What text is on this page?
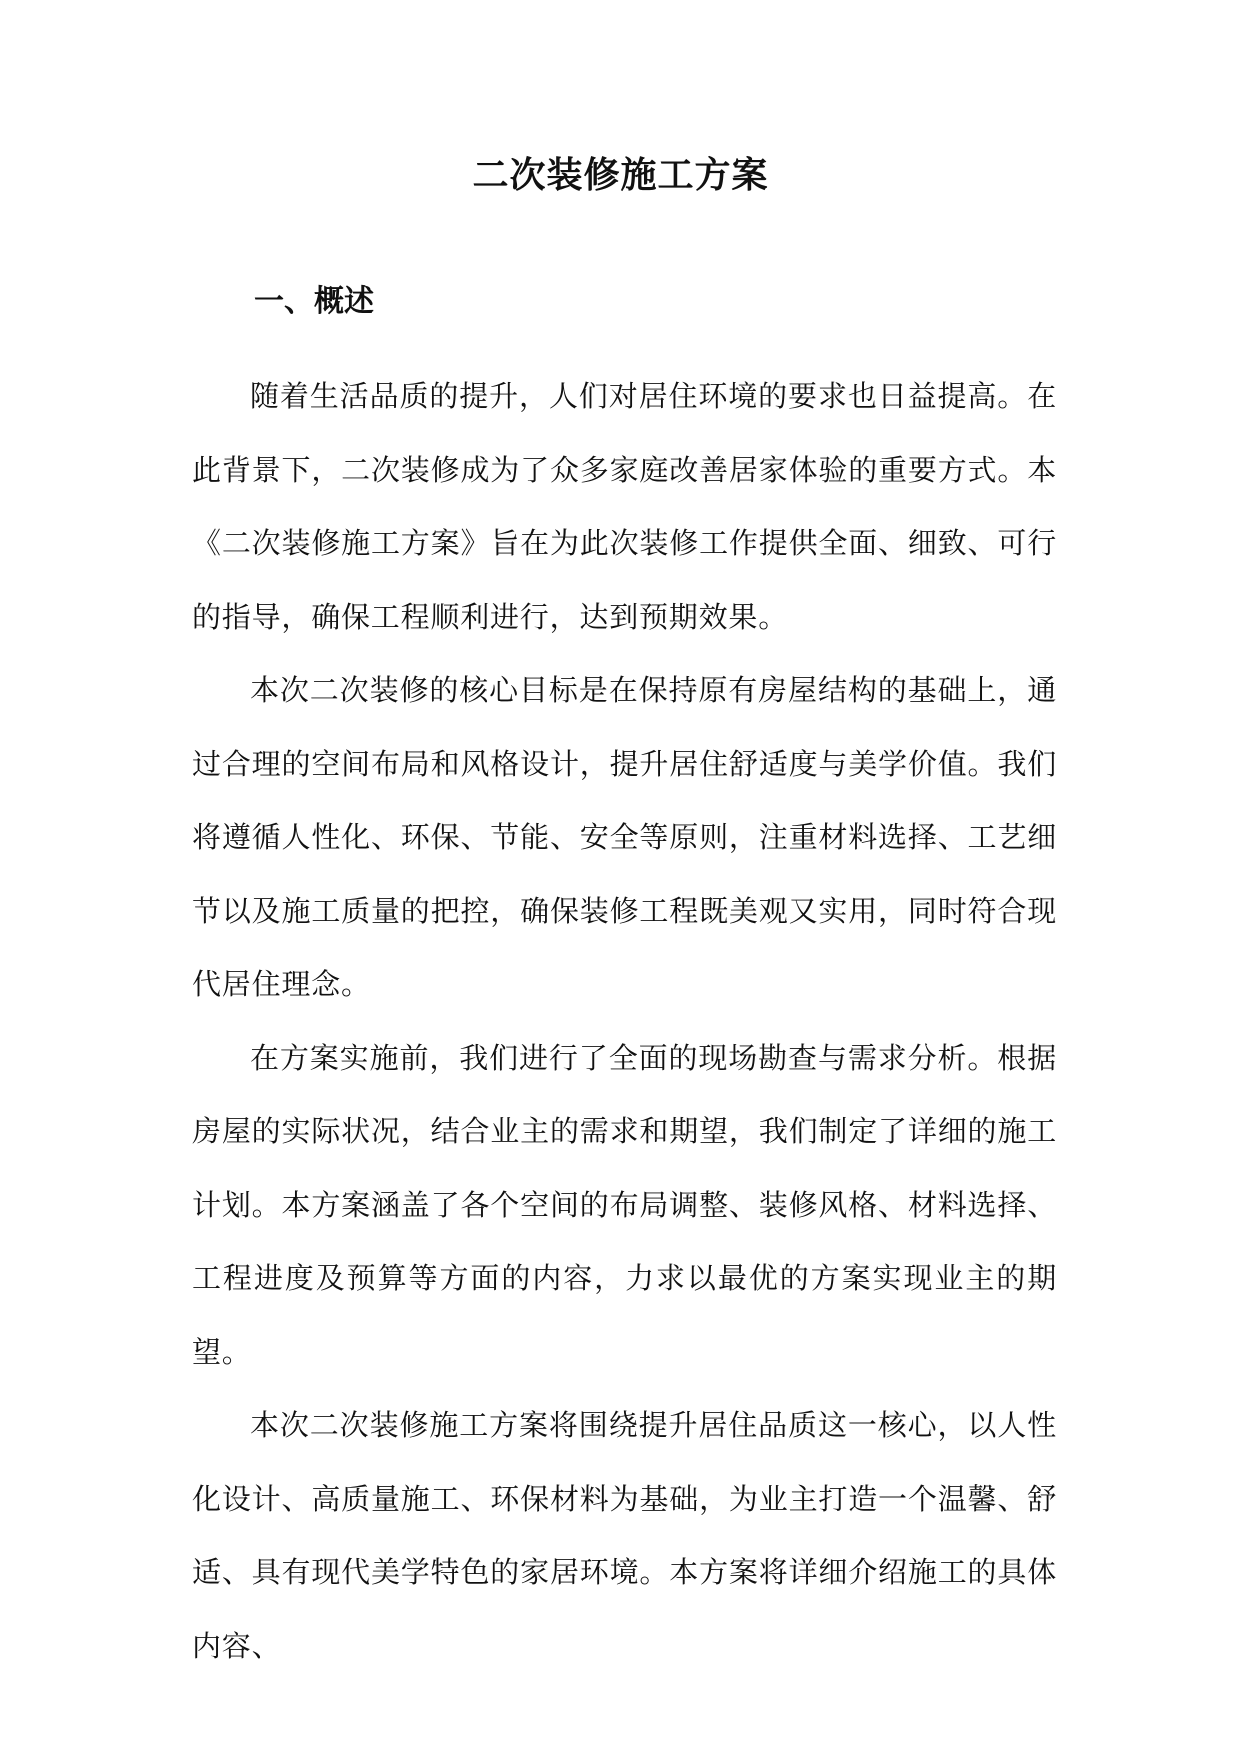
二次装修施工方案
一、概述

随着生活品质的提升，人们对居住环境的要求也日益提高。在此背景下，二次装修成为了众多家庭改善居家体验的重要方式。本《二次装修施工方案》旨在为此次装修工作提供全面、细致、可行的指导，确保工程顺利进行，达到预期效果。

本次二次装修的核心目标是在保持原有房屋结构的基础上，通过合理的空间布局和风格设计，提升居住舒适度与美学价值。我们将遵循人性化、环保、节能、安全等原则，注重材料选择、工艺细节以及施工质量的把控，确保装修工程既美观又实用，同时符合现代居住理念。

在方案实施前，我们进行了全面的现场勘查与需求分析。根据房屋的实际状况，结合业主的需求和期望，我们制定了详细的施工计划。本方案涵盖了各个空间的布局调整、装修风格、材料选择、工程进度及预算等方面的内容，力求以最优的方案实现业主的期望。

本次二次装修施工方案将围绕提升居住品质这一核心，以人性化设计、高质量施工、环保材料为基础，为业主打造一个温馨、舒适、具有现代美学特色的家居环境。本方案将详细介绍施工的具体内容、
